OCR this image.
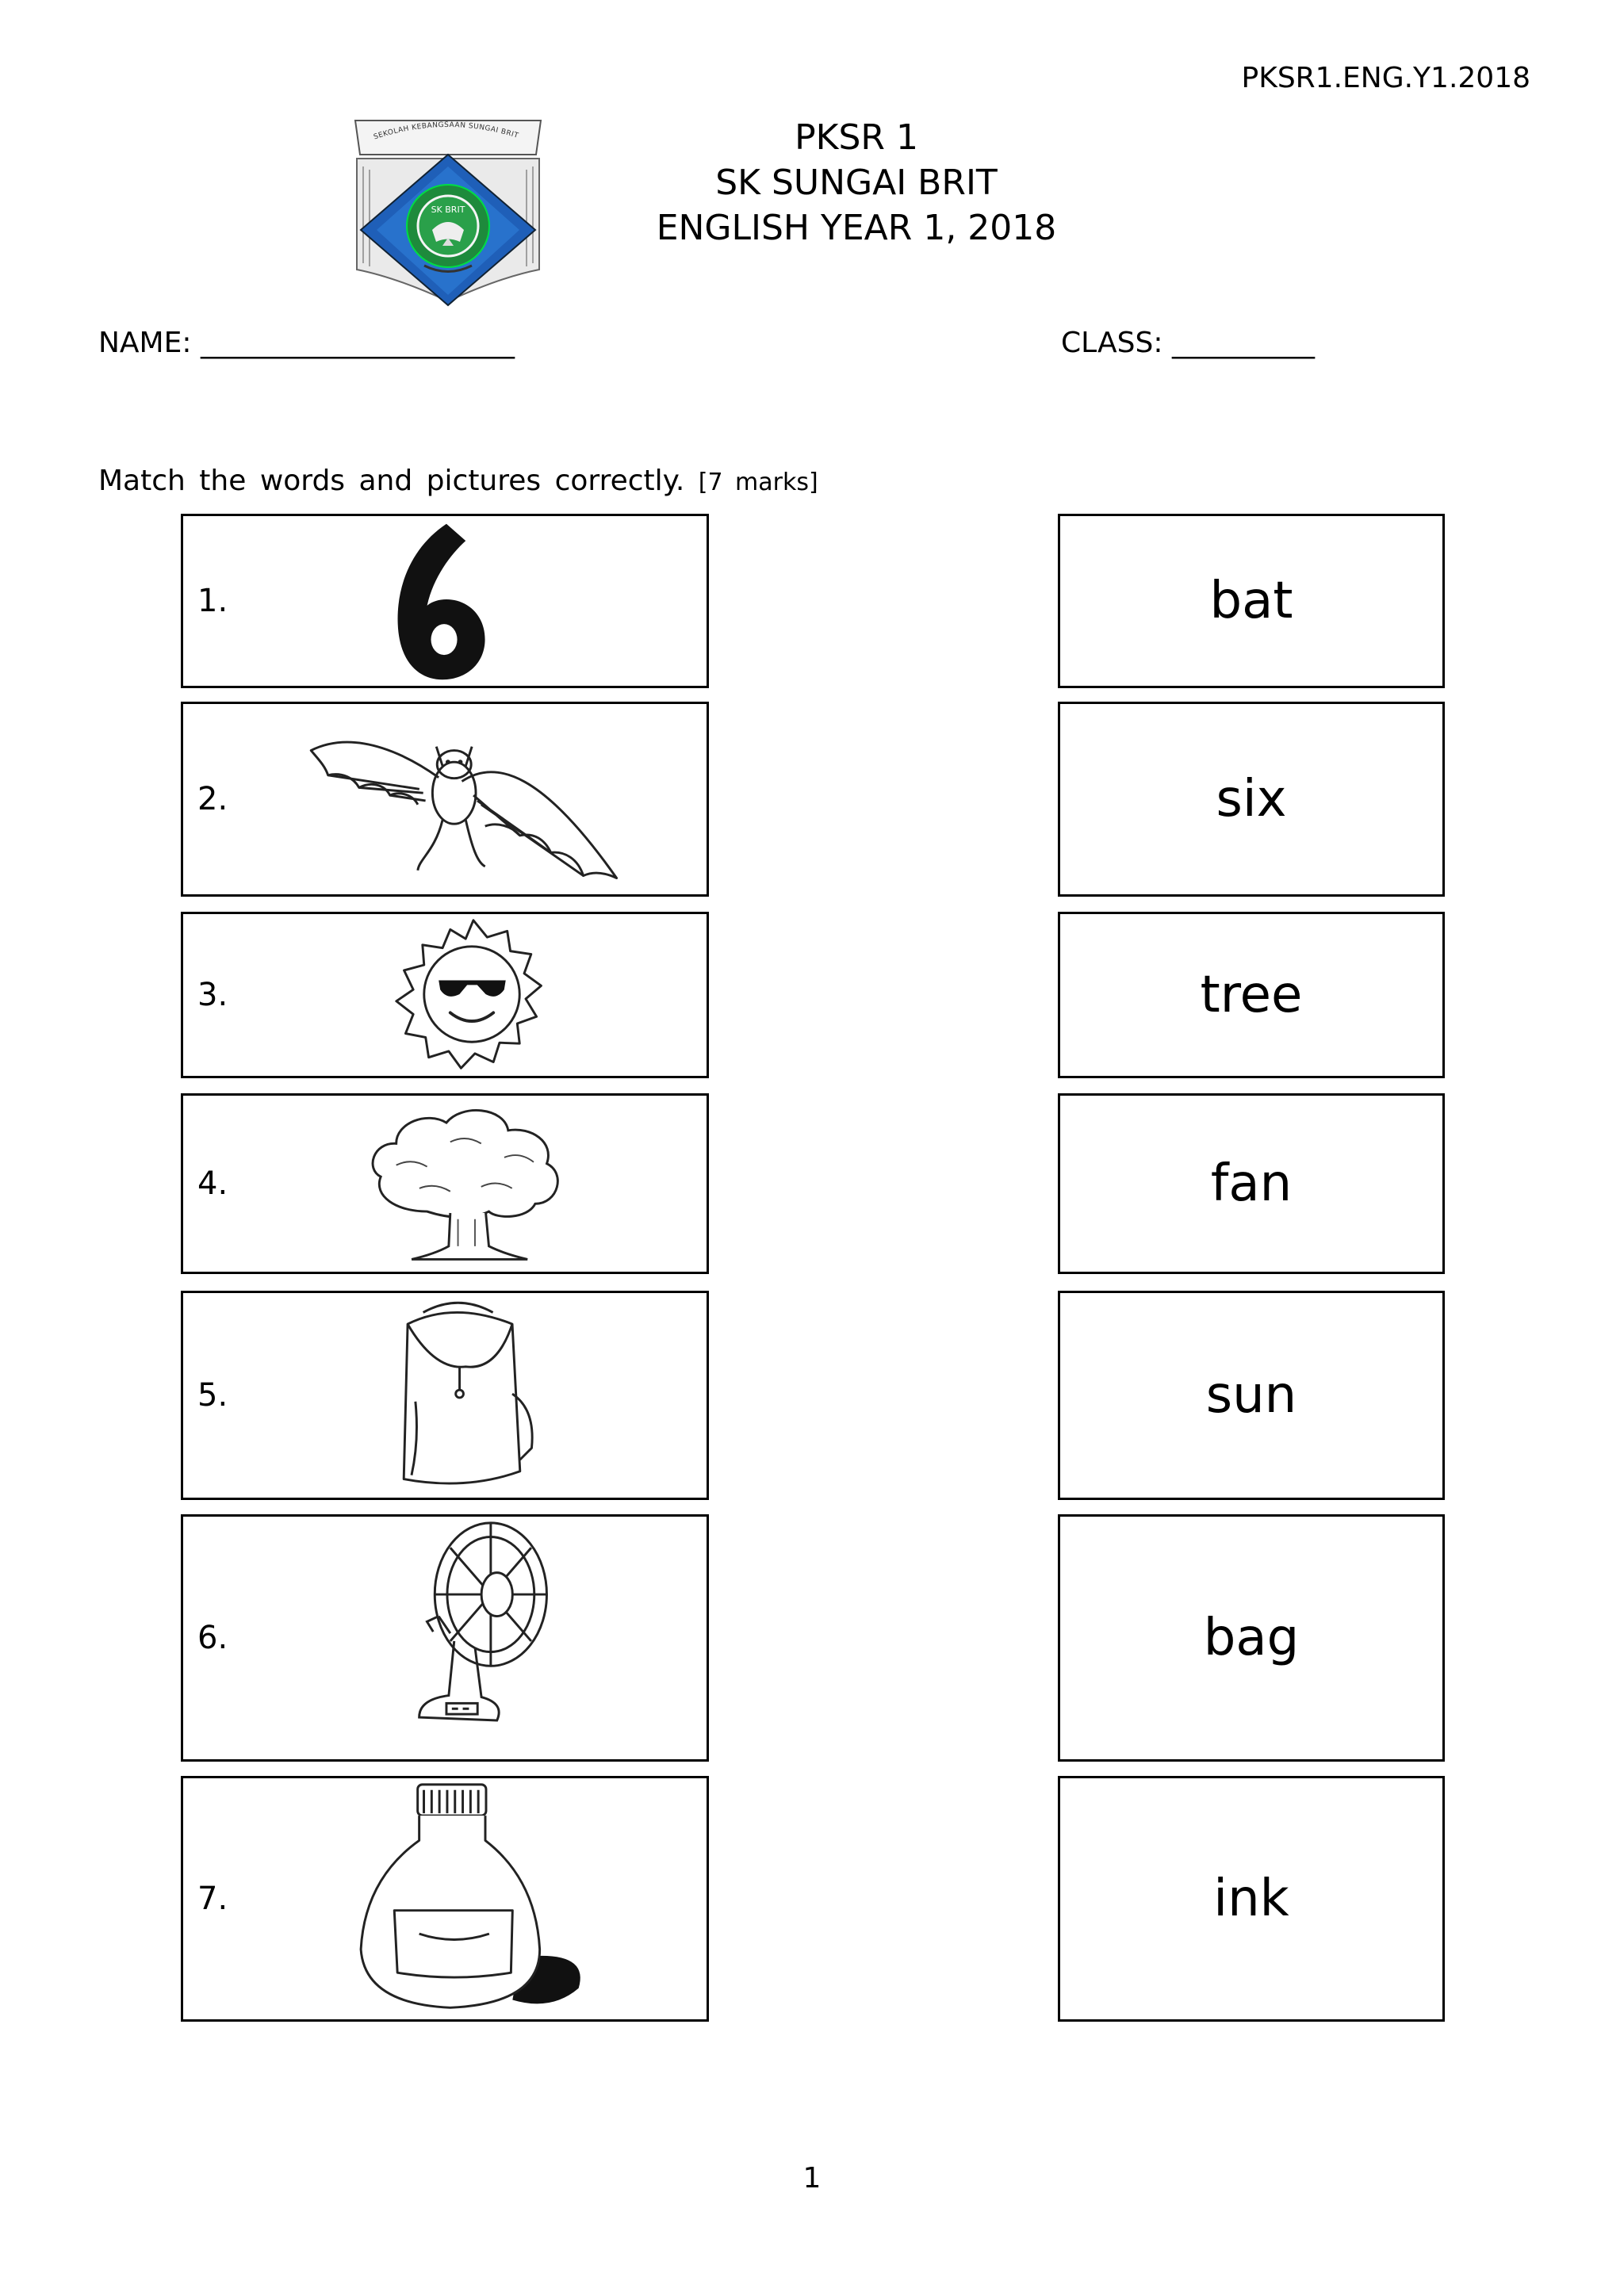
PKSR1.ENG.Y1.2018
SEKOLAH KEBANGSAAN SUNGAI BRIT
SK BRIT
PKSR 1
SK SUNGAI BRIT
ENGLISH YEAR 1, 2018
NAME: ______________________	CLASS: __________
Match the words and pictures correctly. [7 marks]
1.
2.
3.
4.
5.
6.
7.
bat
six
tree
fan
sun
bag
ink
1
